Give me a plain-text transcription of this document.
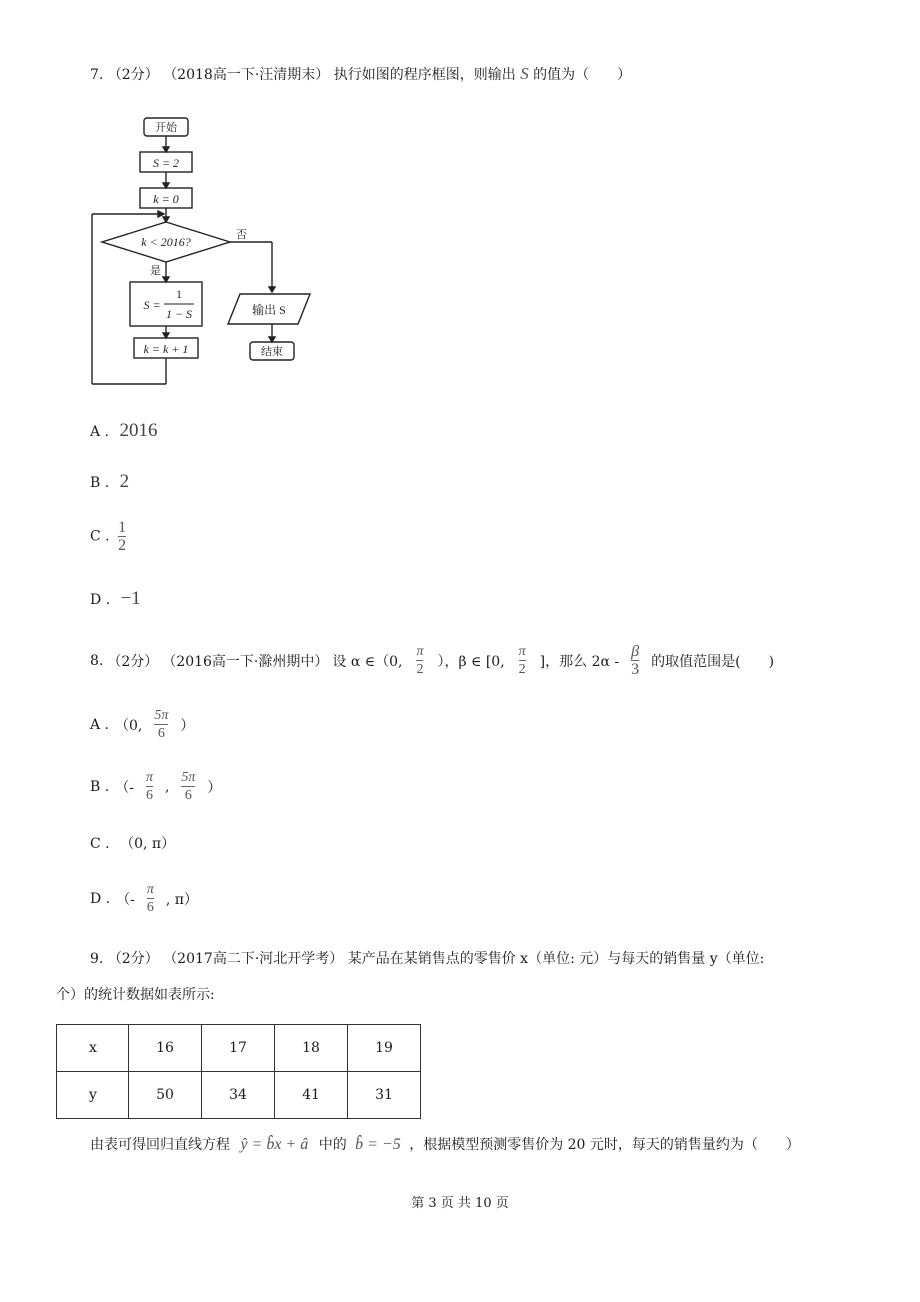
7. （2分） （2018高一下·汪清期末） 执行如图的程序框图，则输出 S 的值为（　　）
开始
S = 2
k = 0
k < 2016?	否
是
S =
1
1 − S
k = k + 1
输出 S
结束
A . 2016
B . 2
C . $\frac{1}{2}$
D . −1
8. （2分） （2016高一下·滁州期中） 设 α ∈（0, $\frac{\pi}{2}$ ），β ∈ [0, $\frac{\pi}{2}$ ]，那么 $2\alpha - \frac{\beta}{3}$ 的取值范围是(　　)
A . （0, $\frac{5\pi}{6}$ ）
B . （- $\frac{\pi}{6}$ , $\frac{5\pi}{6}$ ）
C . （0, π）
D . （- $\frac{\pi}{6}$ , π）
9. （2分） （2017高二下·河北开学考） 某产品在某销售点的零售价 x（单位: 元）与每天的销售量 y（单位:
个）的统计数据如表所示:
x	16	17	18	19
y	50	34	41	31
由表可得回归直线方程 ŷ = b̂x + â 中的 b̂ = −5 ，根据模型预测零售价为 20 元时，每天的销售量约为（　　）
第 3 页 共 10 页
